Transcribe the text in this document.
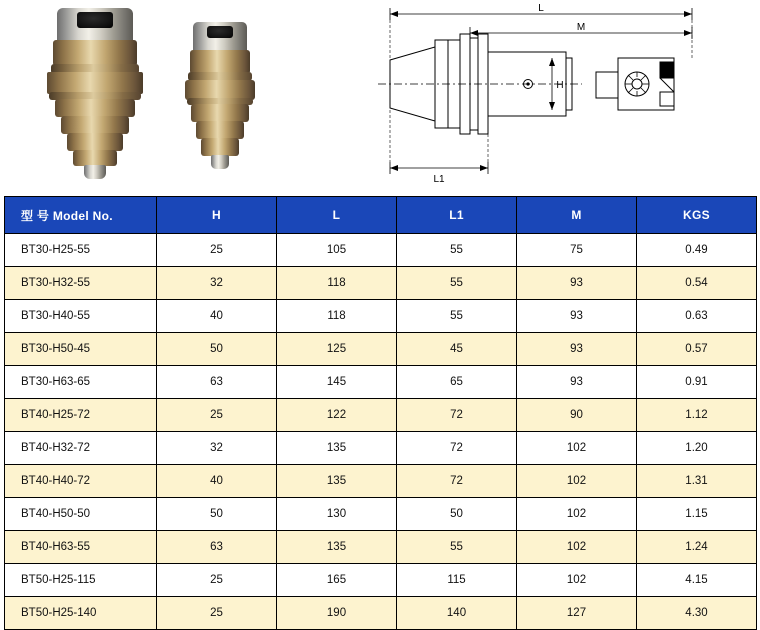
L
M
L1
H
型 号 Model No.	H	L	L1	M	KGS
BT30-H25-55	25	105	55	75	0.49
BT30-H32-55	32	118	55	93	0.54
BT30-H40-55	40	118	55	93	0.63
BT30-H50-45	50	125	45	93	0.57
BT30-H63-65	63	145	65	93	0.91
BT40-H25-72	25	122	72	90	1.12
BT40-H32-72	32	135	72	102	1.20
BT40-H40-72	40	135	72	102	1.31
BT40-H50-50	50	130	50	102	1.15
BT40-H63-55	63	135	55	102	1.24
BT50-H25-115	25	165	115	102	4.15
BT50-H25-140	25	190	140	127	4.30
